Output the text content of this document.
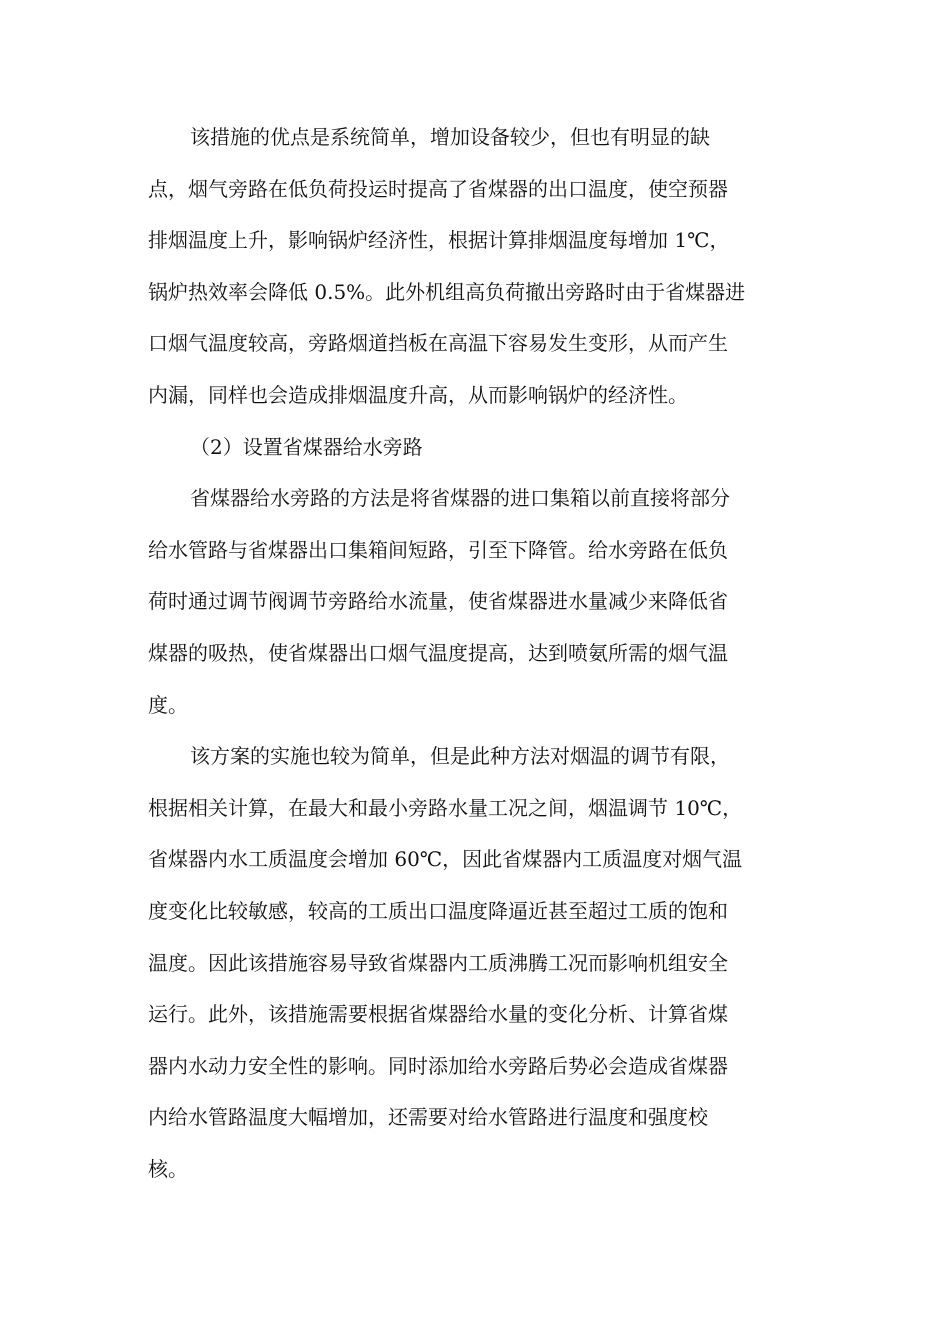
该措施的优点是系统简单，增加设备较少，但也有明显的缺
点，烟气旁路在低负荷投运时提高了省煤器的出口温度，使空预器
排烟温度上升，影响锅炉经济性，根据计算排烟温度每增加 1℃，
锅炉热效率会降低 0.5%。此外机组高负荷撤出旁路时由于省煤器进
口烟气温度较高，旁路烟道挡板在高温下容易发生变形，从而产生
内漏，同样也会造成排烟温度升高，从而影响锅炉的经济性。
（2）设置省煤器给水旁路
省煤器给水旁路的方法是将省煤器的进口集箱以前直接将部分
给水管路与省煤器出口集箱间短路，引至下降管。给水旁路在低负
荷时通过调节阀调节旁路给水流量，使省煤器进水量减少来降低省
煤器的吸热，使省煤器出口烟气温度提高，达到喷氨所需的烟气温
度。
该方案的实施也较为简单，但是此种方法对烟温的调节有限，
根据相关计算，在最大和最小旁路水量工况之间，烟温调节 10℃，
省煤器内水工质温度会增加 60℃，因此省煤器内工质温度对烟气温
度变化比较敏感，较高的工质出口温度降逼近甚至超过工质的饱和
温度。因此该措施容易导致省煤器内工质沸腾工况而影响机组安全
运行。此外，该措施需要根据省煤器给水量的变化分析、计算省煤
器内水动力安全性的影响。同时添加给水旁路后势必会造成省煤器
内给水管路温度大幅增加，还需要对给水管路进行温度和强度校
核。
